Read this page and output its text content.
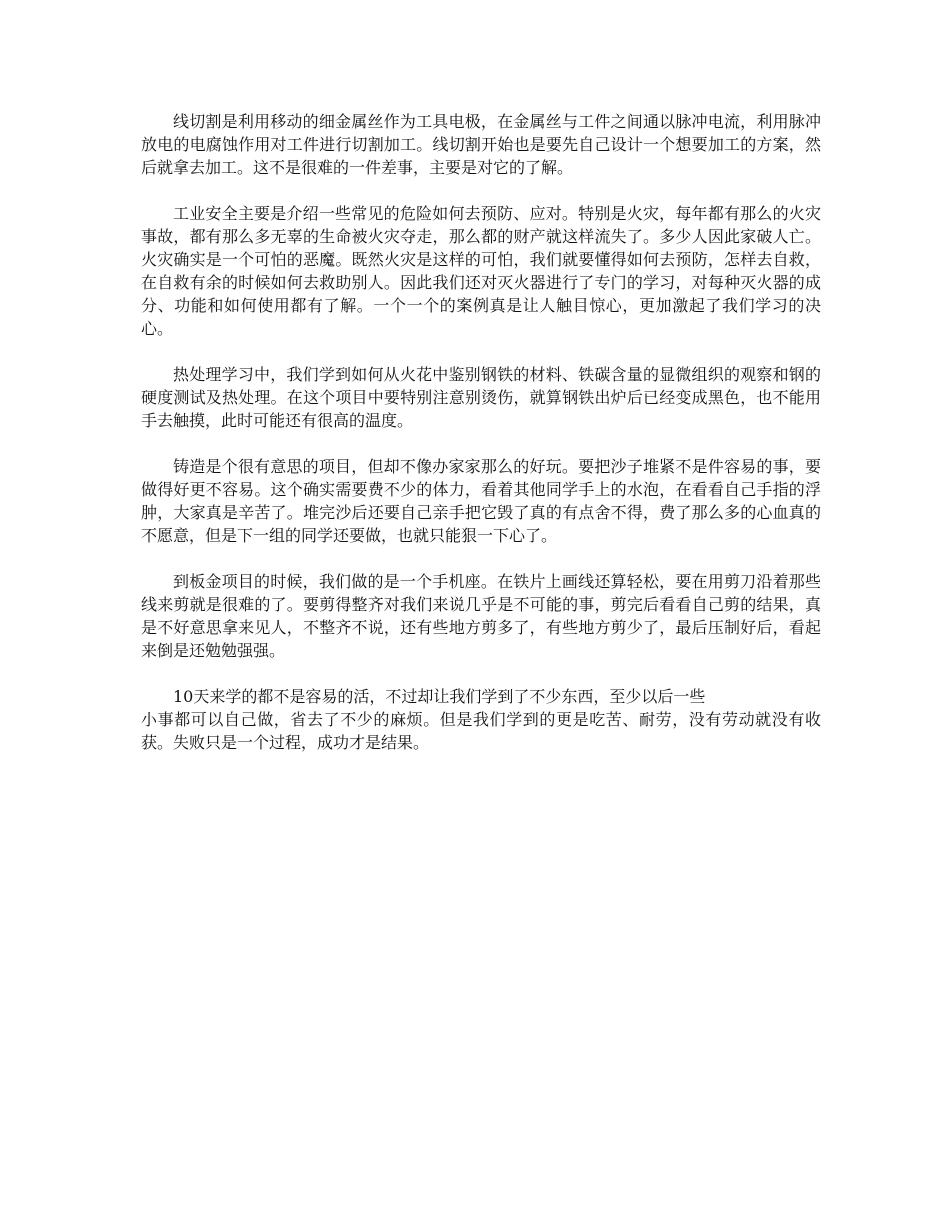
线切割是利用移动的细金属丝作为工具电极，在金属丝与工件之间通以脉冲电流，利用脉冲放电的电腐蚀作用对工件进行切割加工。线切割开始也是要先自己设计一个想要加工的方案，然后就拿去加工。这不是很难的一件差事，主要是对它的了解。

工业安全主要是介绍一些常见的危险如何去预防、应对。特别是火灾，每年都有那么的火灾事故，都有那么多无辜的生命被火灾夺走，那么都的财产就这样流失了。多少人因此家破人亡。火灾确实是一个可怕的恶魔。既然火灾是这样的可怕，我们就要懂得如何去预防，怎样去自救，在自救有余的时候如何去救助别人。因此我们还对灭火器进行了专门的学习，对每种灭火器的成分、功能和如何使用都有了解。一个一个的案例真是让人触目惊心，更加激起了我们学习的决心。

热处理学习中，我们学到如何从火花中鉴别钢铁的材料、铁碳含量的显微组织的观察和钢的硬度测试及热处理。在这个项目中要特别注意别烫伤，就算钢铁出炉后已经变成黑色，也不能用手去触摸，此时可能还有很高的温度。

铸造是个很有意思的项目，但却不像办家家那么的好玩。要把沙子堆紧不是件容易的事，要做得好更不容易。这个确实需要费不少的体力，看着其他同学手上的水泡，在看看自己手指的浮肿，大家真是辛苦了。堆完沙后还要自己亲手把它毁了真的有点舍不得，费了那么多的心血真的不愿意，但是下一组的同学还要做，也就只能狠一下心了。

到板金项目的时候，我们做的是一个手机座。在铁片上画线还算轻松，要在用剪刀沿着那些线来剪就是很难的了。要剪得整齐对我们来说几乎是不可能的事，剪完后看看自己剪的结果，真是不好意思拿来见人，不整齐不说，还有些地方剪多了，有些地方剪少了，最后压制好后，看起来倒是还勉勉强强。

10天来学的都不是容易的活，不过却让我们学到了不少东西，至少以后一些
小事都可以自己做，省去了不少的麻烦。但是我们学到的更是吃苦、耐劳，没有劳动就没有收获。失败只是一个过程，成功才是结果。
